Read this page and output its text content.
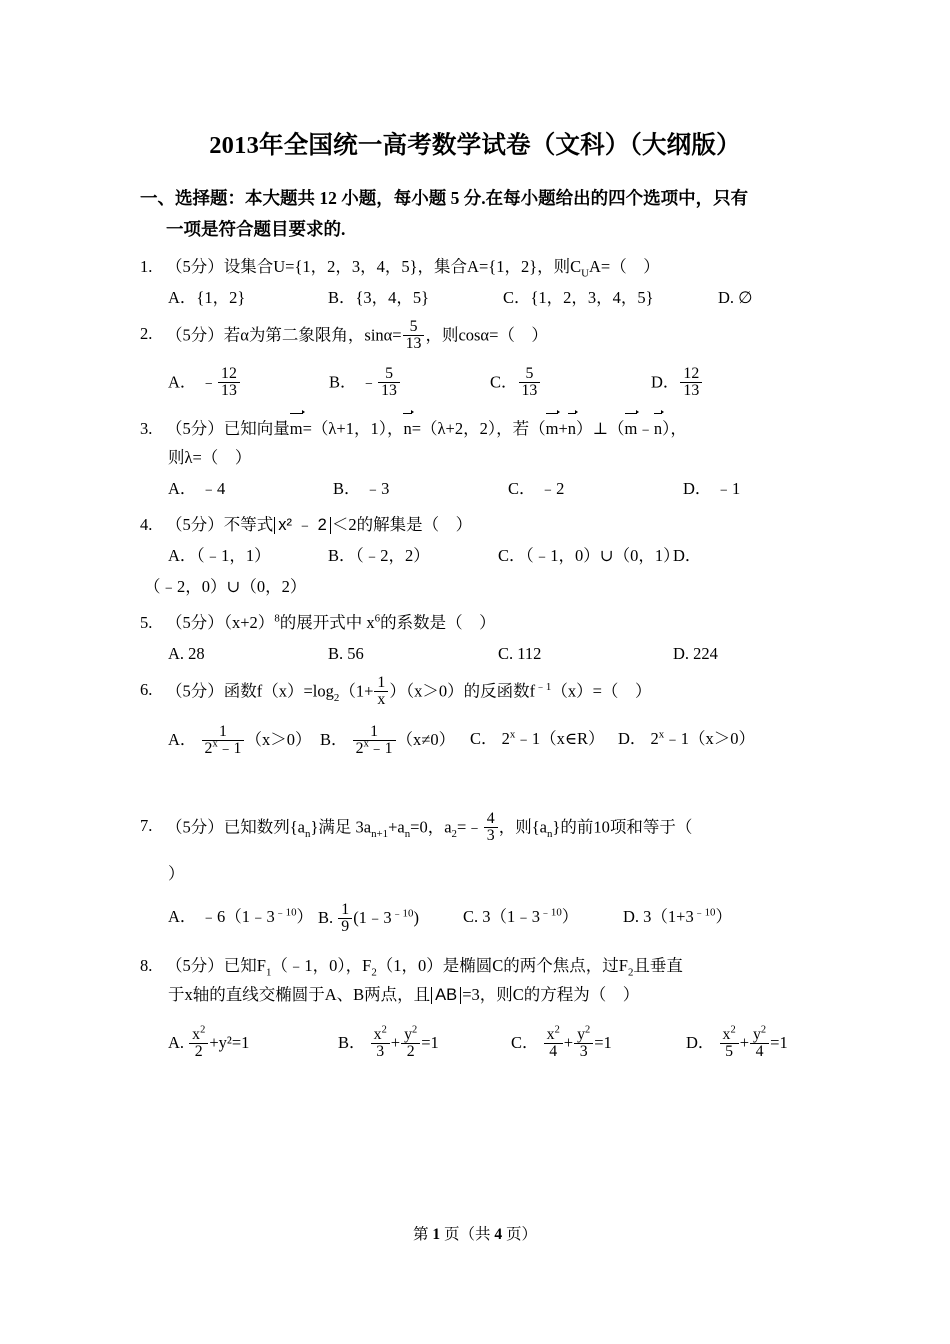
2013年全国统一高考数学试卷（文科）（大纲版）
一、选择题：本大题共 12 小题，每小题 5 分.在每小题给出的四个选项中，只有
一项是符合题目要求的.
1. （5分）设集合U={1，2，3，4，5}，集合A={1，2}，则$C_UA=$（ ）
A．{1，2}	B．{3，4，5}	C．{1，2，3，4，5}	D. ∅
2. （5分）若α为第二象限角，$\sin\alpha= \frac{5}{13}$ ，则cosα=（ ）
A． ﹣ $\frac{12}{13}$	B． ﹣ $\frac{5}{13}$	C． $\frac{5}{13}$	D． $\frac{12}{13}$
3. （5分）已知向量
m=（λ+1，1），
n=（λ+2，2），若（
m+
n）⊥（
m﹣
n），
则λ=（ ）
A． ﹣4	B． ﹣3	C． ﹣2	D． ﹣1
4. （5分）不等式 x² ﹣ 2 ＜2的解集是（ ）
A．（﹣1，1）	B．（﹣2，2）	C．（﹣1，0）∪（0，1）
D．
（﹣2，0）∪（0，2）
5. （5分）$(x+2)^8$的展开式中 $x^6$的系数是（ ）
A. 28	B. 56	C. 112	D. 224
6. （5分）函数$f(x)=\log_2(1+ \frac{1}{x} )(x>0)$的反函数$f^{﹣1}(x)=$（ ）
A． $\frac{1}{2^x﹣1} (x>0)$ B． $\frac{1}{2^x﹣1} (x\ne 0)$ C． 2$^x$﹣1（x∈R） D． $2^x﹣1(x>0)$
7. （5分）已知数列$\{a_n\}$满足 $3a_{n+1}+a_n=0$，$a_2=﹣ \frac{4}{3}$ ，则$\{a_n\}$的前10项和等于（
）
A． $﹣6(1﹣3^{﹣10})$ B. $\frac{1}{9}$ $(1﹣3^{﹣10})$	C. $3(1﹣3^{﹣10})$	D. $3(1+3^{﹣10})$
8. （5分）已知$F_1(﹣1$，0），$F_2(1$，0）是椭圆C的两个焦点，过$F_2$且垂直
于x轴的直线交椭圆于A、B两点，且 AB =3，则C的方程为（ ）
A. $\frac{x^2}{2} +y^2=1$	B． $\frac{x^2}{3} + \frac{y^2}{2} =1$	C． $\frac{x^2}{4} + \frac{y^2}{3} =1$	D． $\frac{x^2}{5} + \frac{y^2}{4} =1$
第 1 页（共 4 页）
